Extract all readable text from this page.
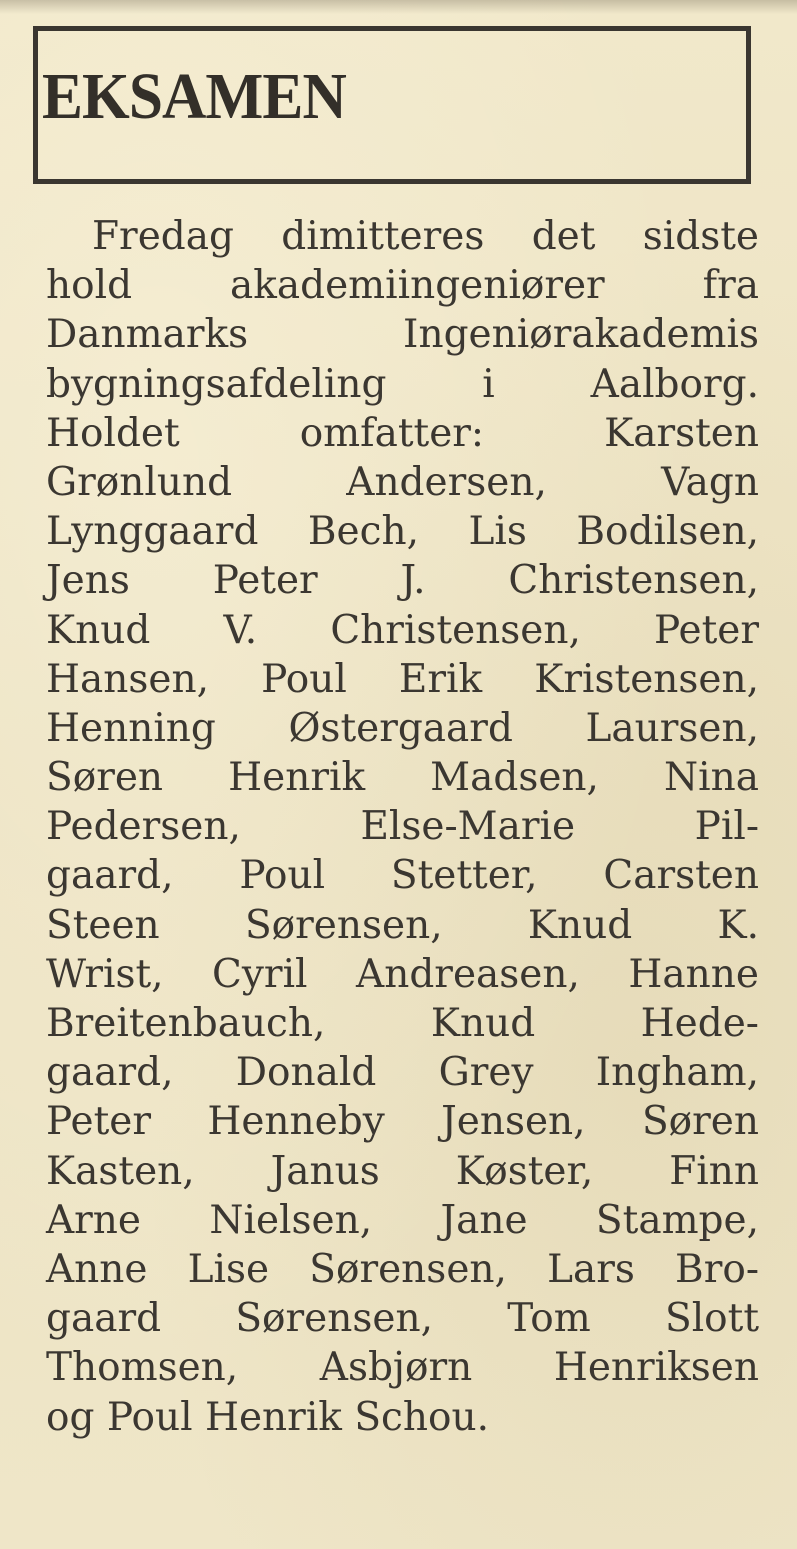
EKSAMEN
Fredag dimitteres det sidste
hold akademiingeniører fra
Danmarks Ingeniørakademis
bygningsafdeling i Aalborg.
Holdet omfatter: Karsten
Grønlund Andersen, Vagn
Lynggaard Bech, Lis Bodilsen,
Jens Peter J. Christensen,
Knud V. Christensen, Peter
Hansen, Poul Erik Kristensen,
Henning Østergaard Laursen,
Søren Henrik Madsen, Nina
Pedersen, Else-Marie Pil-
gaard, Poul Stetter, Carsten
Steen Sørensen, Knud K.
Wrist, Cyril Andreasen, Hanne
Breitenbauch, Knud Hede-
gaard, Donald Grey Ingham,
Peter Henneby Jensen, Søren
Kasten, Janus Køster, Finn
Arne Nielsen, Jane Stampe,
Anne Lise Sørensen, Lars Bro-
gaard Sørensen, Tom Slott
Thomsen, Asbjørn Henriksen
og Poul Henrik Schou.
